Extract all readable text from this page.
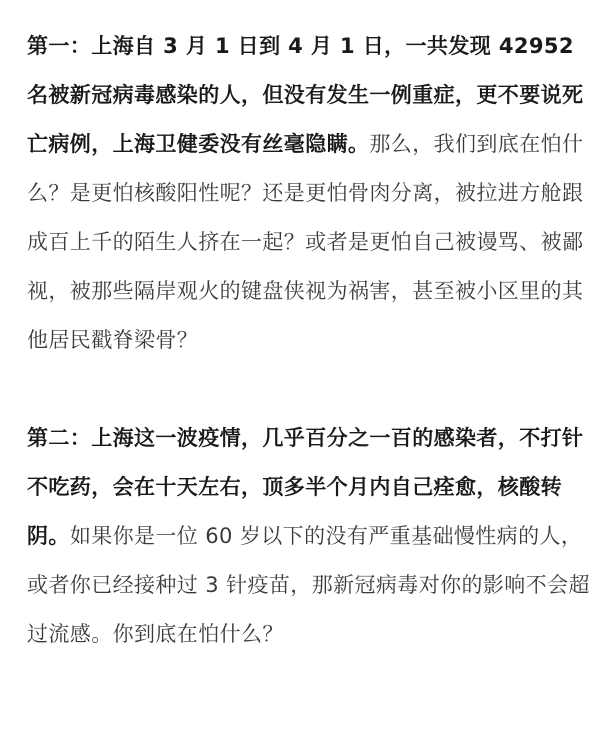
第一：上海自 3 月 1 日到 4 月 1 日，一共发现 42952 名被新冠病毒感染的人，但没有发生一例重症，更不要说死亡病例，上海卫健委没有丝毫隐瞒。那么，我们到底在怕什么？是更怕核酸阳性呢？还是更怕骨肉分离，被拉进方舱跟成百上千的陌生人挤在一起？或者是更怕自己被谩骂、被鄙视，被那些隔岸观火的键盘侠视为祸害，甚至被小区里的其他居民戳脊梁骨？

第二：上海这一波疫情，几乎百分之一百的感染者，不打针不吃药，会在十天左右，顶多半个月内自己痊愈，核酸转阴。如果你是一位 60 岁以下的没有严重基础慢性病的人，或者你已经接种过 3 针疫苗，那新冠病毒对你的影响不会超过流感。你到底在怕什么？
